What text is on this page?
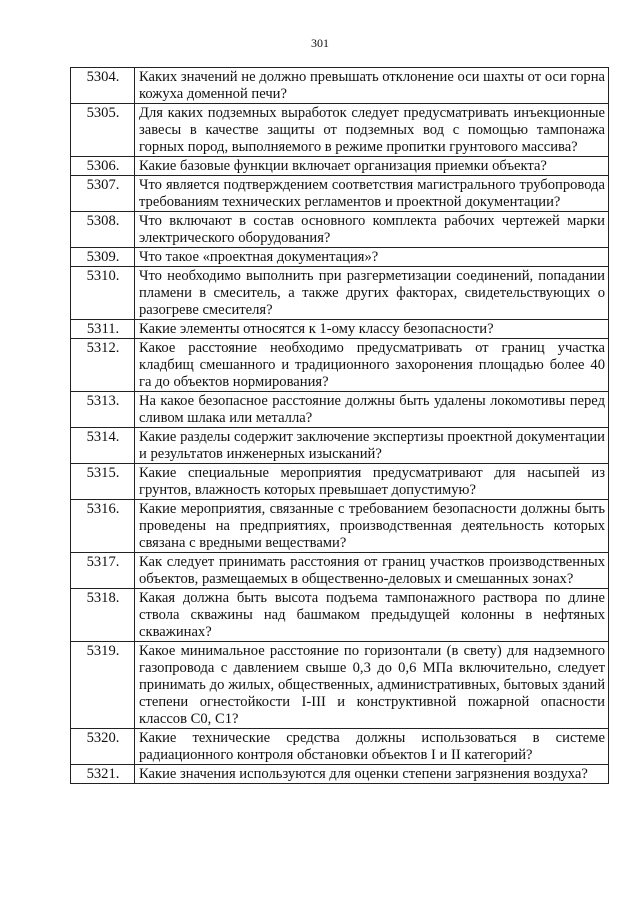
301
5304.	Каких значений не должно превышать отклонение оси шахты от оси горна кожуха доменной печи?
5305.	Для каких подземных выработок следует предусматривать инъекционные завесы в качестве защиты от подземных вод с помощью тампонажа горных пород, выполняемого в режиме пропитки грунтового массива?
5306.	Какие базовые функции включает организация приемки объекта?
5307.	Что является подтверждением соответствия магистрального трубопровода требованиям технических регламентов и проектной документации?
5308.	Что включают в состав основного комплекта рабочих чертежей марки электрического оборудования?
5309.	Что такое «проектная документация»?
5310.	Что необходимо выполнить при разгерметизации соединений, попадании пламени в смеситель, а также других факторах, свидетельствующих о разогреве смесителя?
5311.	Какие элементы относятся к 1-ому классу безопасности?
5312.	Какое расстояние необходимо предусматривать от границ участка кладбищ смешанного и традиционного захоронения площадью более 40 га до объектов нормирования?
5313.	На какое безопасное расстояние должны быть удалены локомотивы перед сливом шлака или металла?
5314.	Какие разделы содержит заключение экспертизы проектной документации и результатов инженерных изысканий?
5315.	Какие специальные мероприятия предусматривают для насыпей из грунтов, влажность которых превышает допустимую?
5316.	Какие мероприятия, связанные с требованием безопасности должны быть проведены на предприятиях, производственная деятельность которых связана с вредными веществами?
5317.	Как следует принимать расстояния от границ участков производственных объектов, размещаемых в общественно-деловых и смешанных зонах?
5318.	Какая должна быть высота подъема тампонажного раствора по длине ствола скважины над башмаком предыдущей колонны в нефтяных скважинах?
5319.	Какое минимальное расстояние по горизонтали (в свету) для надземного газопровода с давлением свыше 0,3 до 0,6 МПа включительно, следует принимать до жилых, общественных, административных, бытовых зданий степени огнестойкости I-III и конструктивной пожарной опасности классов С0, С1?
5320.	Какие технические средства должны использоваться в системе радиационного контроля обстановки объектов I и II категорий?
5321.	Какие значения используются для оценки степени загрязнения воздуха?
